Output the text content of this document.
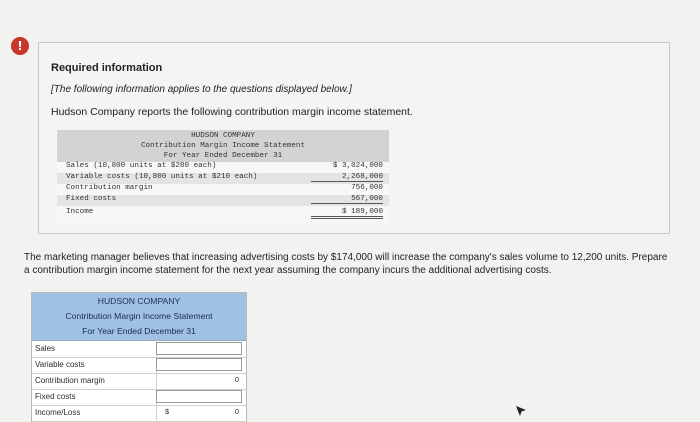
!
Required information
[The following information applies to the questions displayed below.]
Hudson Company reports the following contribution margin income statement.
HUDSON COMPANY
Contribution Margin Income Statement
For Year Ended December 31
Sales (10,800 units at $280 each)	$ 3,024,000
Variable costs (10,800 units at $210 each)	2,268,000
Contribution margin	756,000
Fixed costs	567,000
Income	$ 189,000
The marketing manager believes that increasing advertising costs by $174,000 will increase the company's sales volume to 12,200 units. Prepare a contribution margin income statement for the next year assuming the company incurs the additional advertising costs.
HUDSON COMPANY
Contribution Margin Income Statement
For Year Ended December 31
Sales
Variable costs
Contribution margin	0
Fixed costs
Income/Loss	$	0
